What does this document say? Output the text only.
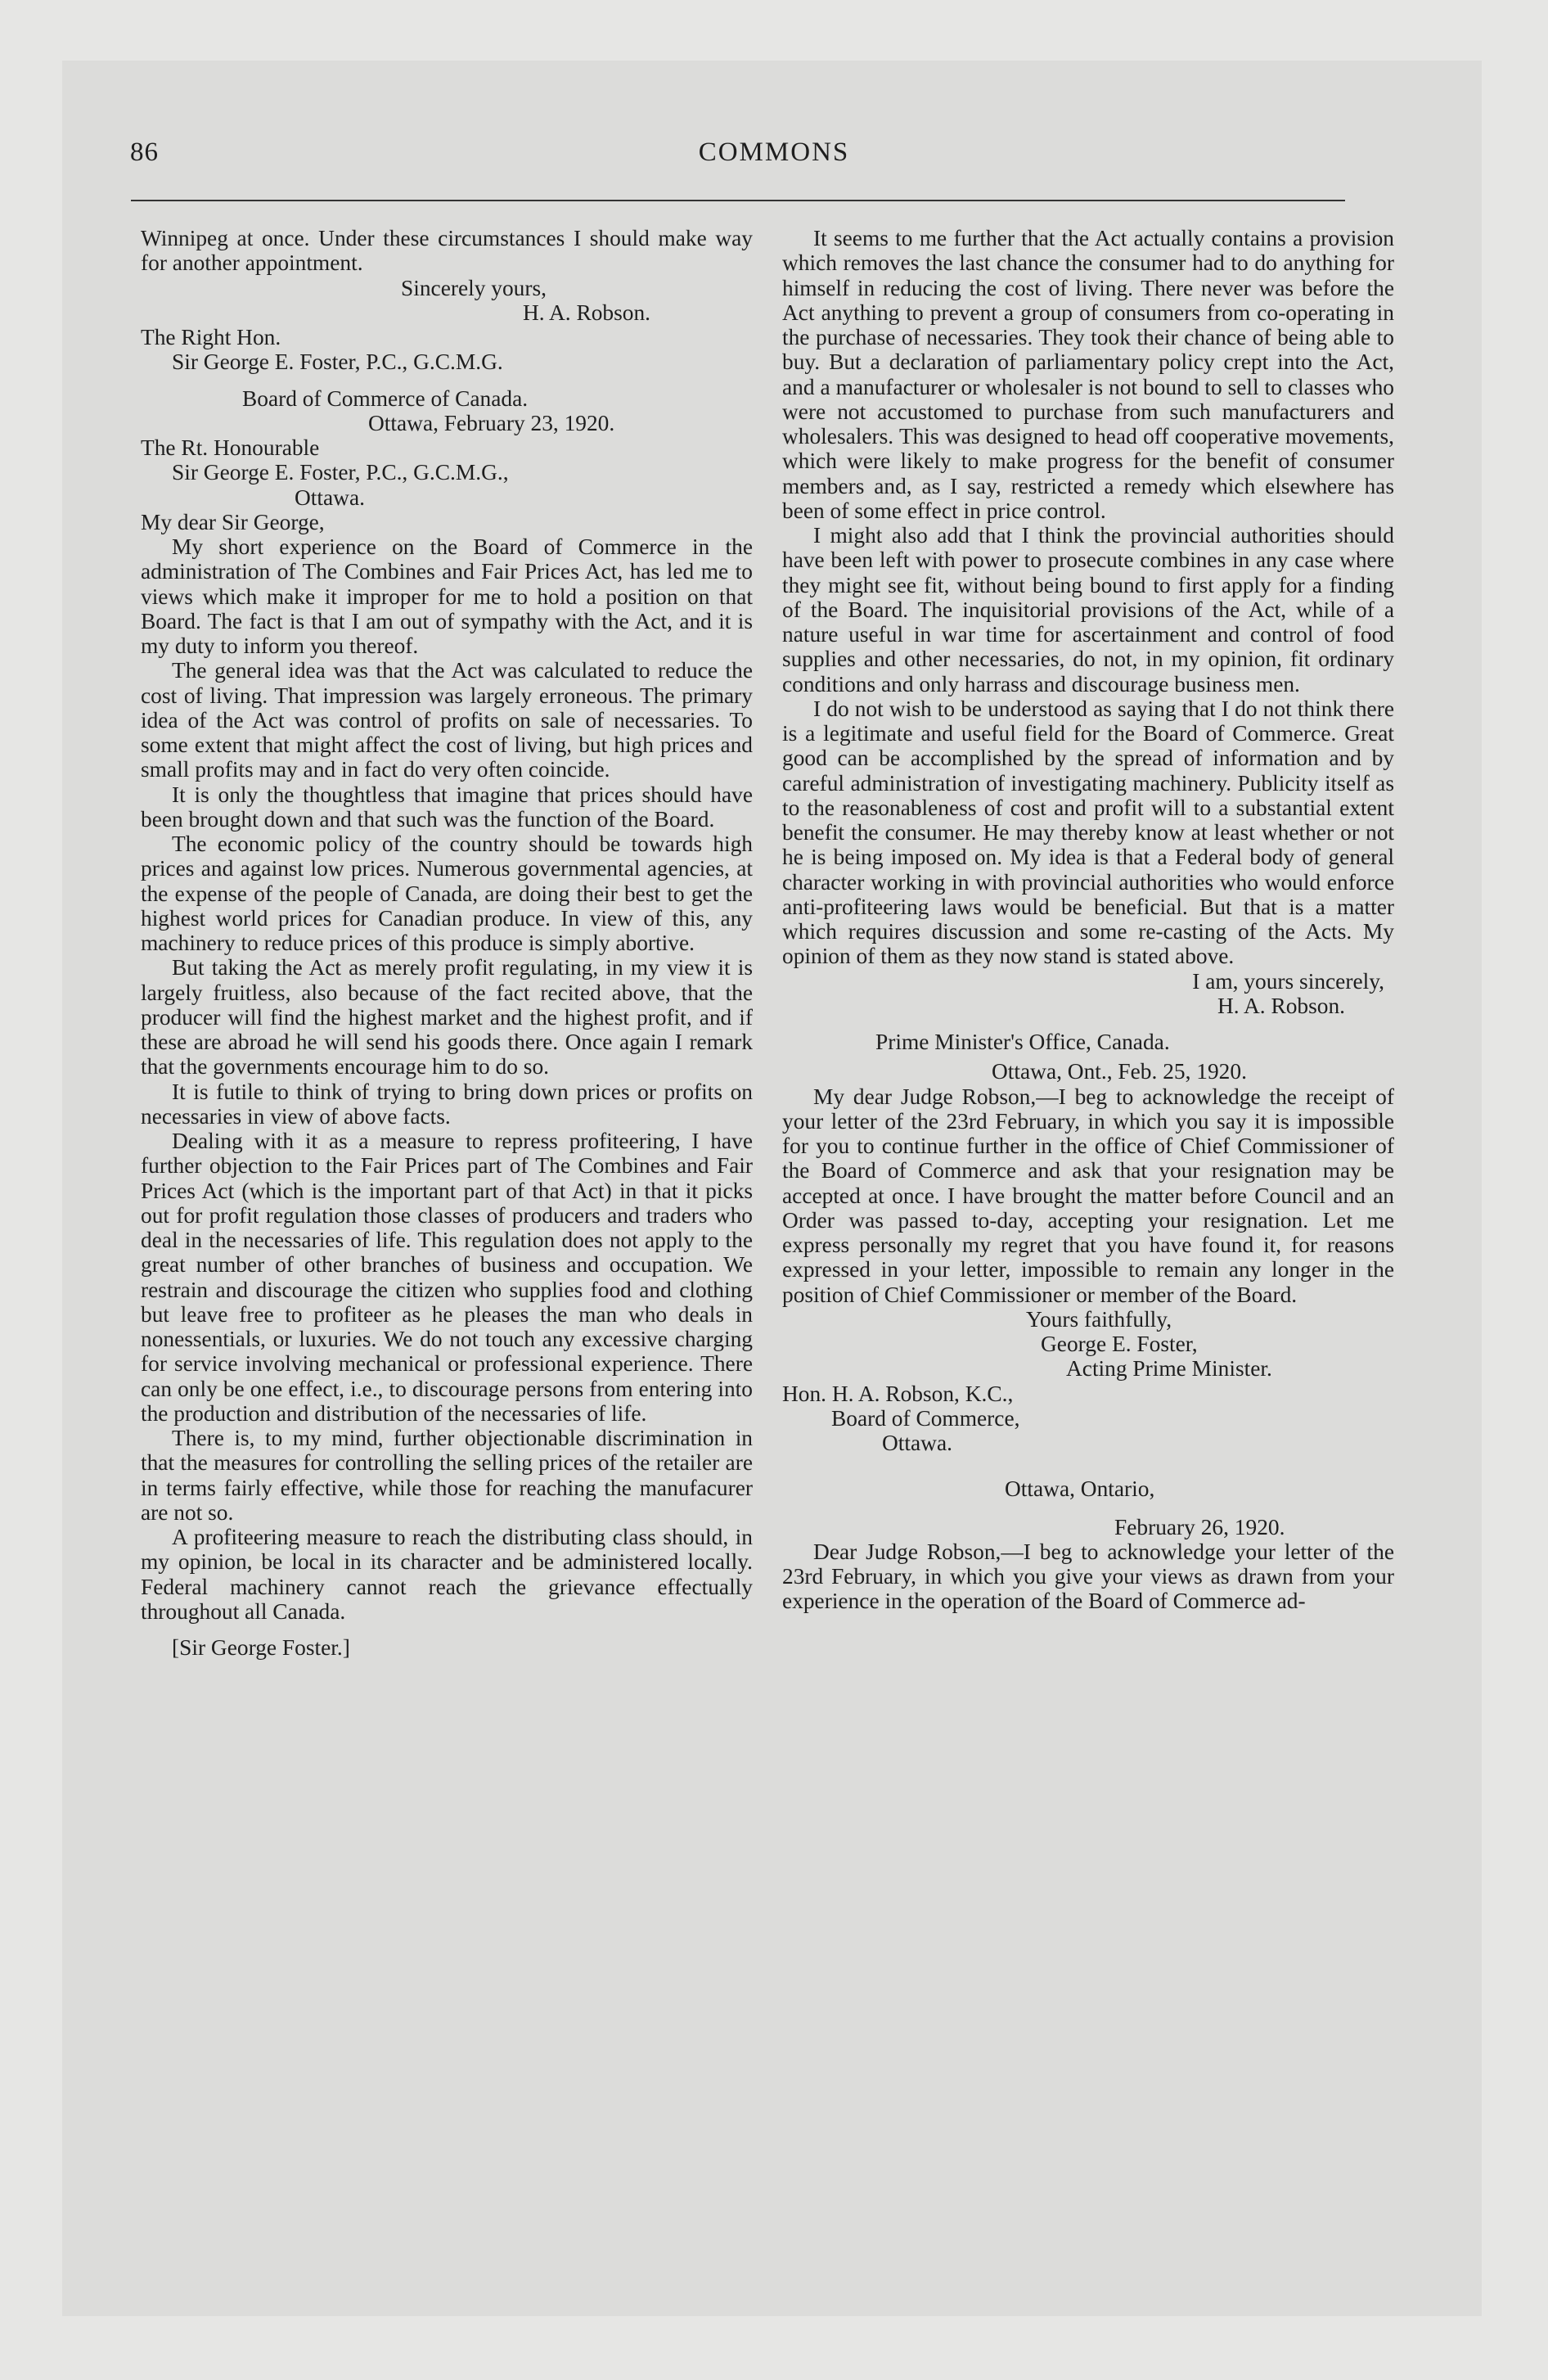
86	COMMONS

Winnipeg at once. Under these circumstances I should make way for another appointment.

Sincerely yours,

H. A. Robson.

The Right Hon.

Sir George E. Foster, P.C., G.C.M.G.

Board of Commerce of Canada.

Ottawa, February 23, 1920.

The Rt. Honourable

Sir George E. Foster, P.C., G.C.M.G.,

Ottawa.

My dear Sir George,

My short experience on the Board of Commerce in the administration of The Combines and Fair Prices Act, has led me to views which make it improper for me to hold a position on that Board. The fact is that I am out of sympathy with the Act, and it is my duty to inform you thereof.

The general idea was that the Act was calculated to reduce the cost of living. That impression was largely erroneous. The primary idea of the Act was control of profits on sale of necessaries. To some extent that might affect the cost of living, but high prices and small profits may and in fact do very often coincide.

It is only the thoughtless that imagine that prices should have been brought down and that such was the function of the Board.

The economic policy of the country should be towards high prices and against low prices. Numerous governmental agencies, at the expense of the people of Canada, are doing their best to get the highest world prices for Canadian produce. In view of this, any machinery to reduce prices of this produce is simply abortive.

But taking the Act as merely profit regulating, in my view it is largely fruitless, also because of the fact recited above, that the producer will find the highest market and the highest profit, and if these are abroad he will send his goods there. Once again I remark that the governments encourage him to do so.

It is futile to think of trying to bring down prices or profits on necessaries in view of above facts.

Dealing with it as a measure to repress profiteering, I have further objection to the Fair Prices part of The Combines and Fair Prices Act (which is the important part of that Act) in that it picks out for profit regulation those classes of producers and traders who deal in the necessaries of life. This regulation does not apply to the great number of other branches of business and occupation. We restrain and discourage the citizen who supplies food and clothing but leave free to profiteer as he pleases the man who deals in nonessentials, or luxuries. We do not touch any excessive charging for service involving mechanical or professional experience. There can only be one effect, i.e., to discourage persons from entering into the production and distribution of the necessaries of life.

There is, to my mind, further objectionable discrimination in that the measures for controlling the selling prices of the retailer are in terms fairly effective, while those for reaching the manufacurer are not so.

A profiteering measure to reach the distributing class should, in my opinion, be local in its character and be administered locally. Federal machinery cannot reach the grievance effectually throughout all Canada.

[Sir George Foster.]

It seems to me further that the Act actually contains a provision which removes the last chance the consumer had to do anything for himself in reducing the cost of living. There never was before the Act anything to prevent a group of consumers from co-operating in the purchase of necessaries. They took their chance of being able to buy. But a declaration of parliamentary policy crept into the Act, and a manufacturer or wholesaler is not bound to sell to classes who were not accustomed to purchase from such manufacturers and wholesalers. This was designed to head off cooperative movements, which were likely to make progress for the benefit of consumer members and, as I say, restricted a remedy which elsewhere has been of some effect in price control.

I might also add that I think the provincial authorities should have been left with power to prosecute combines in any case where they might see fit, without being bound to first apply for a finding of the Board. The inquisitorial provisions of the Act, while of a nature useful in war time for ascertainment and control of food supplies and other necessaries, do not, in my opinion, fit ordinary conditions and only harrass and discourage business men.

I do not wish to be understood as saying that I do not think there is a legitimate and useful field for the Board of Commerce. Great good can be accomplished by the spread of information and by careful administration of investigating machinery. Publicity itself as to the reasonableness of cost and profit will to a substantial extent benefit the consumer. He may thereby know at least whether or not he is being imposed on. My idea is that a Federal body of general character working in with provincial authorities who would enforce anti-profiteering laws would be beneficial. But that is a matter which requires discussion and some re-casting of the Acts. My opinion of them as they now stand is stated above.

I am, yours sincerely,

H. A. Robson.

Prime Minister's Office, Canada.

Ottawa, Ont., Feb. 25, 1920.

My dear Judge Robson,—I beg to acknowledge the receipt of your letter of the 23rd February, in which you say it is impossible for you to continue further in the office of Chief Commissioner of the Board of Commerce and ask that your resignation may be accepted at once. I have brought the matter before Council and an Order was passed to-day, accepting your resignation. Let me express personally my regret that you have found it, for reasons expressed in your letter, impossible to remain any longer in the position of Chief Commissioner or member of the Board.

Yours faithfully,

George E. Foster,

Acting Prime Minister.

Hon. H. A. Robson, K.C.,

Board of Commerce,

Ottawa.

Ottawa, Ontario,

February 26, 1920.

Dear Judge Robson,—I beg to acknowledge your letter of the 23rd February, in which you give your views as drawn from your experience in the operation of the Board of Commerce ad-
